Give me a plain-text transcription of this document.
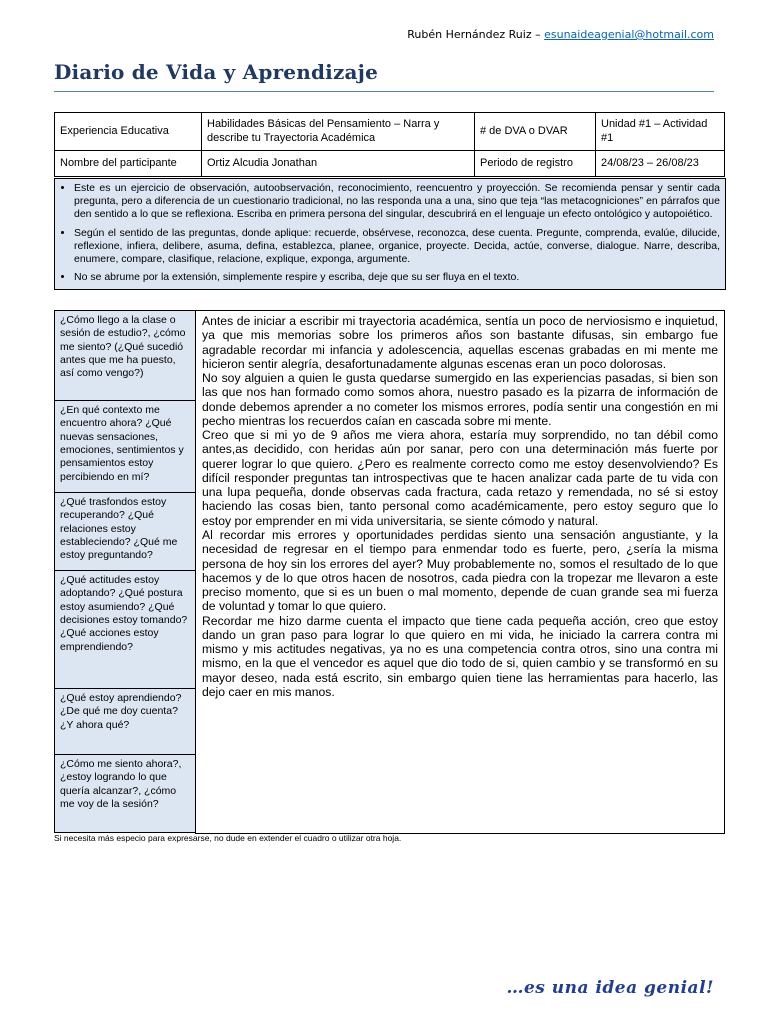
Rubén Hernández Ruiz – esunaideagenial@hotmail.com
Diario de Vida y Aprendizaje
Experiencia Educativa	Habilidades Básicas del Pensamiento – Narra y describe tu Trayectoria Académica	# de DVA o DVAR	Unidad #1 – Actividad #1
Nombre del participante	Ortiz Alcudia Jonathan	Periodo de registro	24/08/23 – 26/08/23
• Este es un ejercicio de observación, autoobservación, reconocimiento, reencuentro y proyección. Se recomienda pensar y sentir cada pregunta, pero a diferencia de un cuestionario tradicional, no las responda una a una, sino que teja “las metacogniciones” en párrafos que den sentido a lo que se reflexiona. Escriba en primera persona del singular, descubrirá en el lenguaje un efecto ontológico y autopoiético.
• Según el sentido de las preguntas, donde aplique: recuerde, obsérvese, reconozca, dese cuenta. Pregunte, comprenda, evalúe, dilucide, reflexione, infiera, delibere, asuma, defina, establezca, planee, organice, proyecte. Decida, actúe, converse, dialogue. Narre, describa, enumere, compare, clasifique, relacione, explique, exponga, argumente.
• No se abrume por la extensión, simplemente respire y escriba, deje que su ser fluya en el texto.
¿Cómo llego a la clase o sesión de estudio?, ¿cómo me siento? (¿Qué sucedió antes que me ha puesto, así como vengo?)
¿En qué contexto me encuentro ahora? ¿Qué nuevas sensaciones, emociones, sentimientos y pensamientos estoy percibiendo en mí?
¿Qué trasfondos estoy recuperando? ¿Qué relaciones estoy estableciendo? ¿Qué me estoy preguntando?
¿Qué actitudes estoy adoptando? ¿Qué postura estoy asumiendo? ¿Qué decisiones estoy tomando? ¿Qué acciones estoy emprendiendo?
¿Qué estoy aprendiendo? ¿De qué me doy cuenta? ¿Y ahora qué?
¿Cómo me siento ahora?, ¿estoy logrando lo que quería alcanzar?, ¿cómo me voy de la sesión?

Antes de iniciar a escribir mi trayectoria académica, sentía un poco de nerviosismo e inquietud, ya que mis memorias sobre los primeros años son bastante difusas, sin embargo fue agradable recordar mi infancia y adolescencia, aquellas escenas grabadas en mi mente me hicieron sentir alegría, desafortunadamente algunas escenas eran un poco dolorosas.

No soy alguien a quien le gusta quedarse sumergido en las experiencias pasadas, si bien son las que nos han formado como somos ahora, nuestro pasado es la pizarra de información de donde debemos aprender a no cometer los mismos errores, podía sentir una congestión en mi pecho mientras los recuerdos caían en cascada sobre mi mente.

Creo que si mi yo de 9 años me viera ahora, estaría muy sorprendido, no tan débil como antes,as decidido, con heridas aún por sanar, pero con una determinación más fuerte por querer lograr lo que quiero. ¿Pero es realmente correcto como me estoy desenvolviendo? Es difícil responder preguntas tan introspectivas que te hacen analizar cada parte de tu vida con una lupa pequeña, donde observas cada fractura, cada retazo y remendada, no sé si estoy haciendo las cosas bien, tanto personal como académicamente, pero estoy seguro que lo estoy por emprender en mi vida universitaria, se siente cómodo y natural.

Al recordar mis errores y oportunidades perdidas siento una sensación angustiante, y la necesidad de regresar en el tiempo para enmendar todo es fuerte, pero, ¿sería la misma persona de hoy sin los errores del ayer? Muy probablemente no, somos el resultado de lo que hacemos y de lo que otros hacen de nosotros, cada piedra con la tropezar me llevaron a este preciso momento, que si es un buen o mal momento, depende de cuan grande sea mi fuerza de voluntad y tomar lo que quiero.

Recordar me hizo darme cuenta el impacto que tiene cada pequeña acción, creo que estoy dando un gran paso para lograr lo que quiero en mi vida, he iniciado la carrera contra mi mismo y mis actitudes negativas, ya no es una competencia contra otros, sino una contra mi mismo, en la que el vencedor es aquel que dio todo de si, quien cambio y se transformó en su mayor deseo, nada está escrito, sin embargo quien tiene las herramientas para hacerlo, las dejo caer en mis manos.

Si necesita más especio para expresarse, no dude en extender el cuadro o utilizar otra hoja.
…es una idea genial!
